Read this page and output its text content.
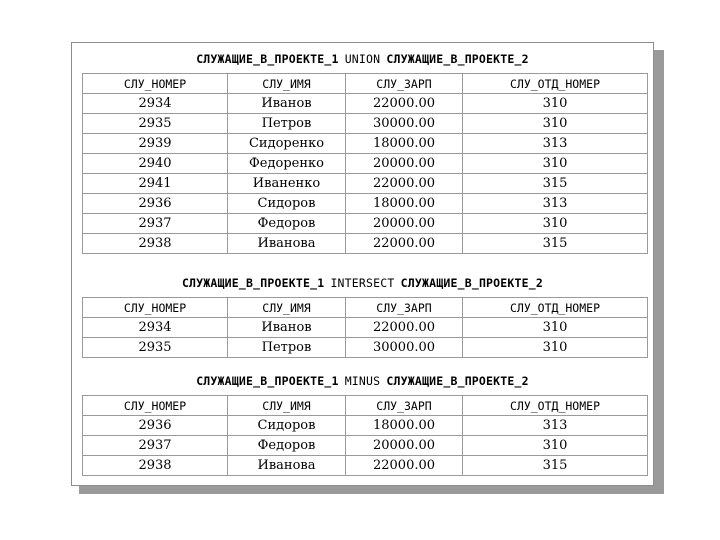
СЛУЖАЩИЕ_В_ПРОЕКТЕ_1 UNION СЛУЖАЩИЕ_В_ПРОЕКТЕ_2
СЛУ_НОМЕР	СЛУ_ИМЯ	СЛУ_ЗАРП	СЛУ_ОТД_НОМЕР
2934	Иванов	22000.00	310
2935	Петров	30000.00	310
2939	Сидоренко	18000.00	313
2940	Федоренко	20000.00	310
2941	Иваненко	22000.00	315
2936	Сидоров	18000.00	313
2937	Федоров	20000.00	310
2938	Иванова	22000.00	315
СЛУЖАЩИЕ_В_ПРОЕКТЕ_1 INTERSECT СЛУЖАЩИЕ_В_ПРОЕКТЕ_2
СЛУ_НОМЕР	СЛУ_ИМЯ	СЛУ_ЗАРП	СЛУ_ОТД_НОМЕР
2934	Иванов	22000.00	310
2935	Петров	30000.00	310
СЛУЖАЩИЕ_В_ПРОЕКТЕ_1 MINUS СЛУЖАЩИЕ_В_ПРОЕКТЕ_2
СЛУ_НОМЕР	СЛУ_ИМЯ	СЛУ_ЗАРП	СЛУ_ОТД_НОМЕР
2936	Сидоров	18000.00	313
2937	Федоров	20000.00	310
2938	Иванова	22000.00	315
